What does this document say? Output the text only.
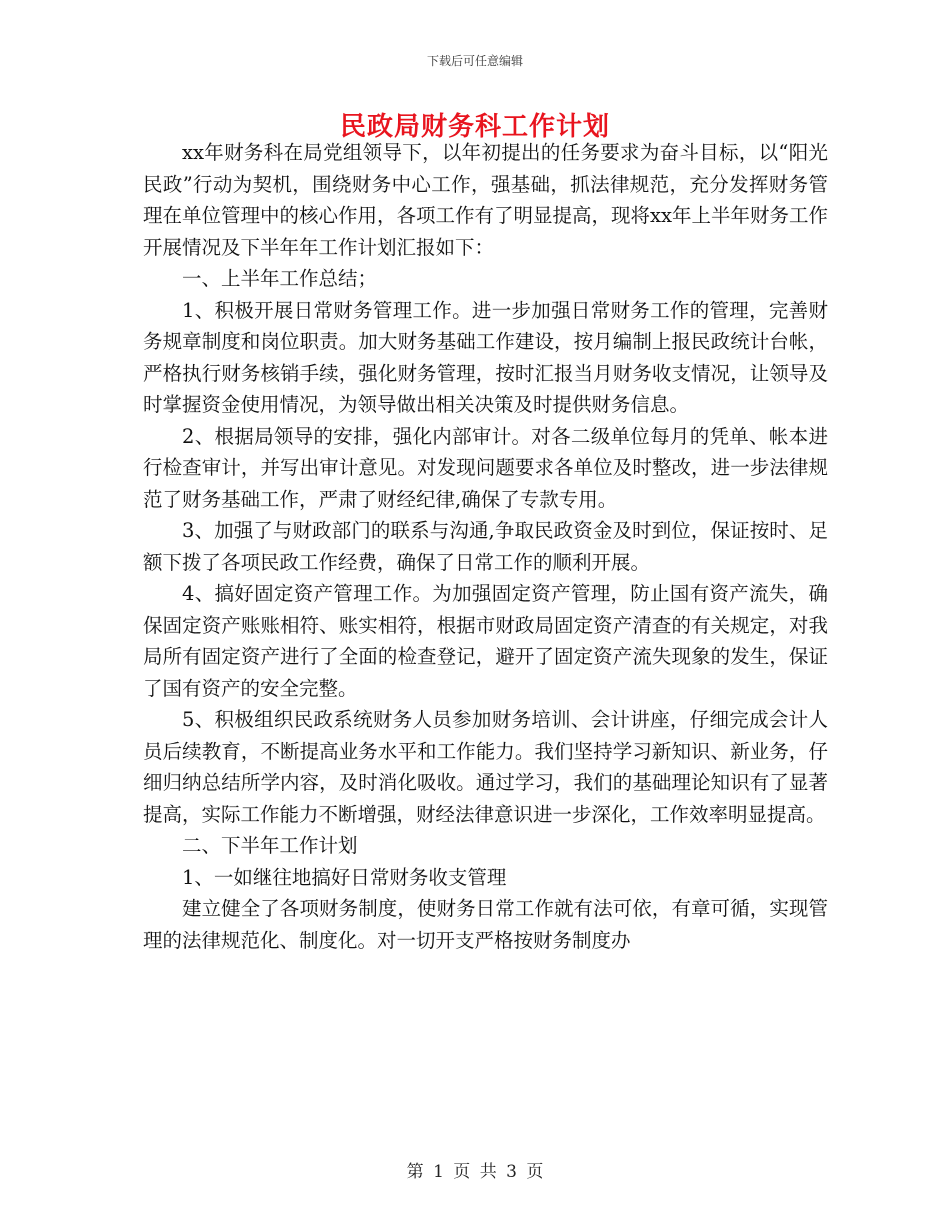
下载后可任意编辑
民政局财务科工作计划

xx年财务科在局党组领导下，以年初提出的任务要求为奋斗目标，以“阳光民政”行动为契机，围绕财务中心工作，强基础，抓法律规范，充分发挥财务管理在单位管理中的核心作用，各项工作有了明显提高，现将xx年上半年财务工作开展情况及下半年年工作计划汇报如下：

一、上半年工作总结；

1、积极开展日常财务管理工作。进一步加强日常财务工作的管理，完善财务规章制度和岗位职责。加大财务基础工作建设，按月编制上报民政统计台帐，严格执行财务核销手续，强化财务管理，按时汇报当月财务收支情况，让领导及时掌握资金使用情况，为领导做出相关决策及时提供财务信息。

2、根据局领导的安排，强化内部审计。对各二级单位每月的凭单、帐本进行检查审计，并写出审计意见。对发现问题要求各单位及时整改，进一步法律规范了财务基础工作，严肃了财经纪律,确保了专款专用。

3、加强了与财政部门的联系与沟通,争取民政资金及时到位，保证按时、足额下拨了各项民政工作经费，确保了日常工作的顺利开展。

4、搞好固定资产管理工作。为加强固定资产管理，防止国有资产流失，确保固定资产账账相符、账实相符，根据市财政局固定资产清查的有关规定，对我局所有固定资产进行了全面的检查登记，避开了固定资产流失现象的发生，保证了国有资产的安全完整。

5、积极组织民政系统财务人员参加财务培训、会计讲座，仔细完成会计人员后续教育，不断提高业务水平和工作能力。我们坚持学习新知识、新业务，仔细归纳总结所学内容，及时消化吸收。通过学习，我们的基础理论知识有了显著提高，实际工作能力不断增强，财经法律意识进一步深化，工作效率明显提高。

二、下半年工作计划

1、一如继往地搞好日常财务收支管理

建立健全了各项财务制度，使财务日常工作就有法可依，有章可循，实现管理的法律规范化、制度化。对一切开支严格按财务制度办

第 1 页 共 3 页
